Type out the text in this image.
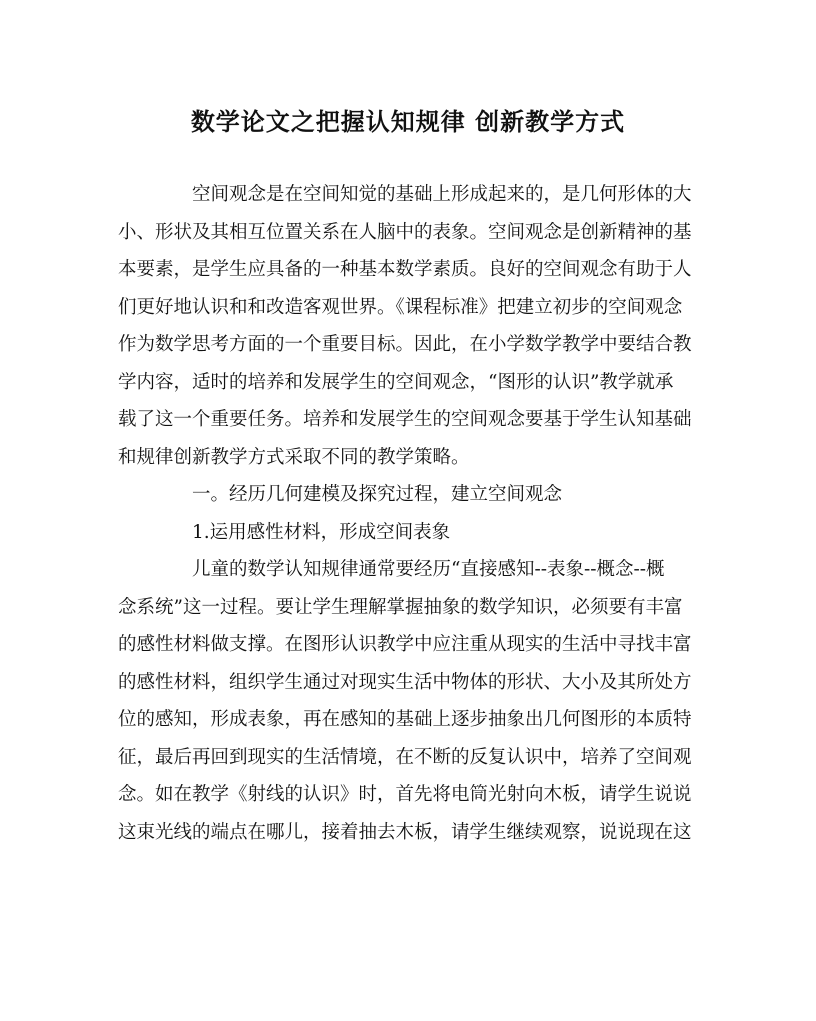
数学论文之把握认知规律 创新教学方式
空间观念是在空间知觉的基础上形成起来的，是几何形体的大
小、形状及其相互位置关系在人脑中的表象。空间观念是创新精神的基
本要素，是学生应具备的一种基本数学素质。良好的空间观念有助于人
们更好地认识和和改造客观世界。《课程标准》把建立初步的空间观念
作为数学思考方面的一个重要目标。因此，在小学数学教学中要结合教
学内容，适时的培养和发展学生的空间观念，“图形的认识”教学就承
载了这一个重要任务。培养和发展学生的空间观念要基于学生认知基础
和规律创新教学方式采取不同的教学策略。
一。经历几何建模及探究过程，建立空间观念
1.运用感性材料，形成空间表象
儿童的数学认知规律通常要经历“直接感知--表象--概念--概
念系统”这一过程。要让学生理解掌握抽象的数学知识，必须要有丰富
的感性材料做支撑。在图形认识教学中应注重从现实的生活中寻找丰富
的感性材料，组织学生通过对现实生活中物体的形状、大小及其所处方
位的感知，形成表象，再在感知的基础上逐步抽象出几何图形的本质特
征，最后再回到现实的生活情境，在不断的反复认识中，培养了空间观
念。如在教学《射线的认识》时，首先将电筒光射向木板，请学生说说
这束光线的端点在哪儿，接着抽去木板，请学生继续观察，说说现在这
